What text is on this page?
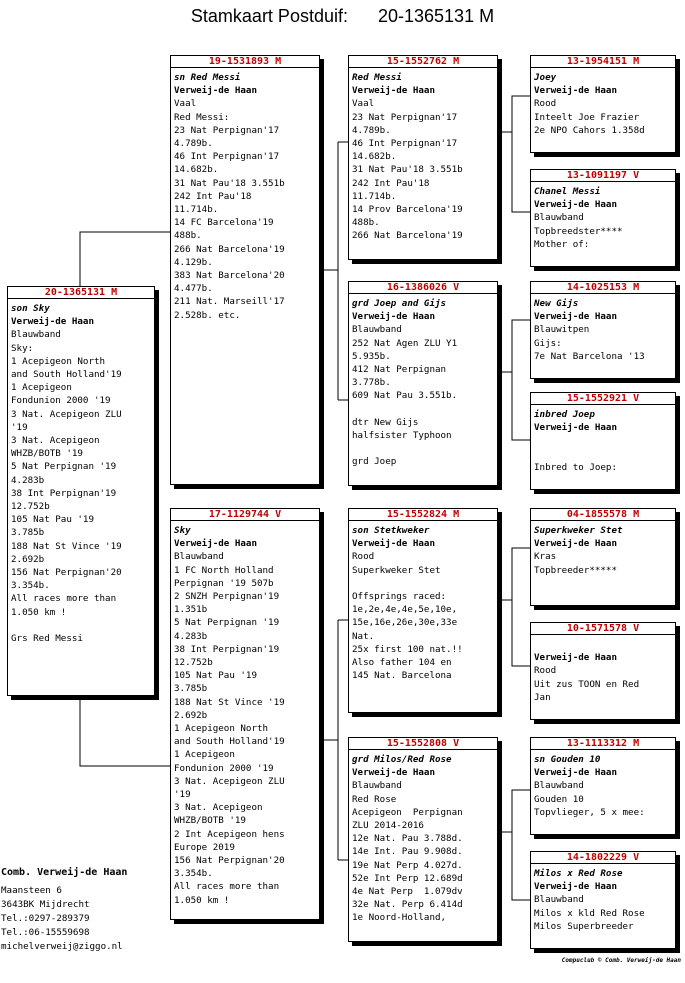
Stamkaart Postduif: 20-1365131 M
20-1365131 M
son Sky
Verweij-de Haan
Blauwband
Sky:
1 Acepigeon North
and South Holland'19
1 Acepigeon
Fondunion 2000 '19
3 Nat. Acepigeon ZLU
'19
3 Nat. Acepigeon
WHZB/BOTB '19
5 Nat Perpignan '19
4.283b
38 Int Perpignan'19
12.752b
105 Nat Pau '19
3.785b
188 Nat St Vince '19
2.692b
156 Nat Perpignan'20
3.354b.
All races more than
1.050 km !
Grs Red Messi
19-1531893 M
sn Red Messi
Verweij-de Haan
Vaal
Red Messi:
23 Nat Perpignan'17
4.789b.
46 Int Perpignan'17
14.682b.
31 Nat Pau'18 3.551b
242 Int Pau'18
11.714b.
14 FC Barcelona'19
488b.
266 Nat Barcelona'19
4.129b.
383 Nat Barcelona'20
4.477b.
211 Nat. Marseill'17
2.528b. etc.
17-1129744 V
Sky
Verweij-de Haan
Blauwband
1 FC North Holland
Perpignan '19 507b
2 SNZH Perpignan'19
1.351b
5 Nat Perpignan '19
4.283b
38 Int Perpignan'19
12.752b
105 Nat Pau '19
3.785b
188 Nat St Vince '19
2.692b
1 Acepigeon North
and South Holland'19
1 Acepigeon
Fondunion 2000 '19
3 Nat. Acepigeon ZLU
'19
3 Nat. Acepigeon
WHZB/BOTB '19
2 Int Acepigeon hens
Europe 2019
156 Nat Perpignan'20
3.354b.
All races more than
1.050 km !
15-1552762 M
Red Messi
Verweij-de Haan
Vaal
23 Nat Perpignan'17
4.789b.
46 Int Perpignan'17
14.682b.
31 Nat Pau'18 3.551b
242 Int Pau'18
11.714b.
14 Prov Barcelona'19
488b.
266 Nat Barcelona'19
16-1386026 V
grd Joep and Gijs
Verweij-de Haan
Blauwband
252 Nat Agen ZLU Y1
5.935b.
412 Nat Perpignan
3.778b.
609 Nat Pau 3.551b.
dtr New Gijs
halfsister Typhoon
grd Joep
15-1552824 M
son Stetkweker
Verweij-de Haan
Rood
Superkweker Stet
Offsprings raced:
1e,2e,4e,4e,5e,10e,
15e,16e,26e,30e,33e
Nat.
25x first 100 nat.!!
Also father 104 en
145 Nat. Barcelona
15-1552808 V
grd Milos/Red Rose
Verweij-de Haan
Blauwband
Red Rose
Acepigeon  Perpignan
ZLU 2014-2016
12e Nat. Pau 3.788d.
14e Int. Pau 9.908d.
19e Nat Perp 4.027d.
52e Int Perp 12.689d
4e Nat Perp  1.079dv
32e Nat. Perp 6.414d
1e Noord-Holland,
13-1954151 M
Joey
Verweij-de Haan
Rood
Inteelt Joe Frazier
2e NPO Cahors 1.358d
13-1091197 V
Chanel Messi
Verweij-de Haan
Blauwband
Topbreedster****
Mother of:
14-1025153 M
New Gijs
Verweij-de Haan
Blauwitpen
Gijs:
7e Nat Barcelona '13
15-1552921 V
inbred Joep
Verweij-de Haan
Inbred to Joep:
04-1855578 M
Superkweker Stet
Verweij-de Haan
Kras
Topbreeder*****
10-1571578 V
Verweij-de Haan
Rood
Uit zus TOON en Red
Jan
13-1113312 M
sn Gouden 10
Verweij-de Haan
Blauwband
Gouden 10
Topvlieger, 5 x mee:
14-1802229 V
Milos x Red Rose
Verweij-de Haan
Blauwband
Milos x kld Red Rose
Milos Superbreeder
Comb. Verweij-de Haan
Maansteen 6
3643BK Mijdrecht
Tel.:0297-289379
Tel.:06-15559698
michelverweij@ziggo.nl
Compuclub © Comb. Verweij-de Haan
